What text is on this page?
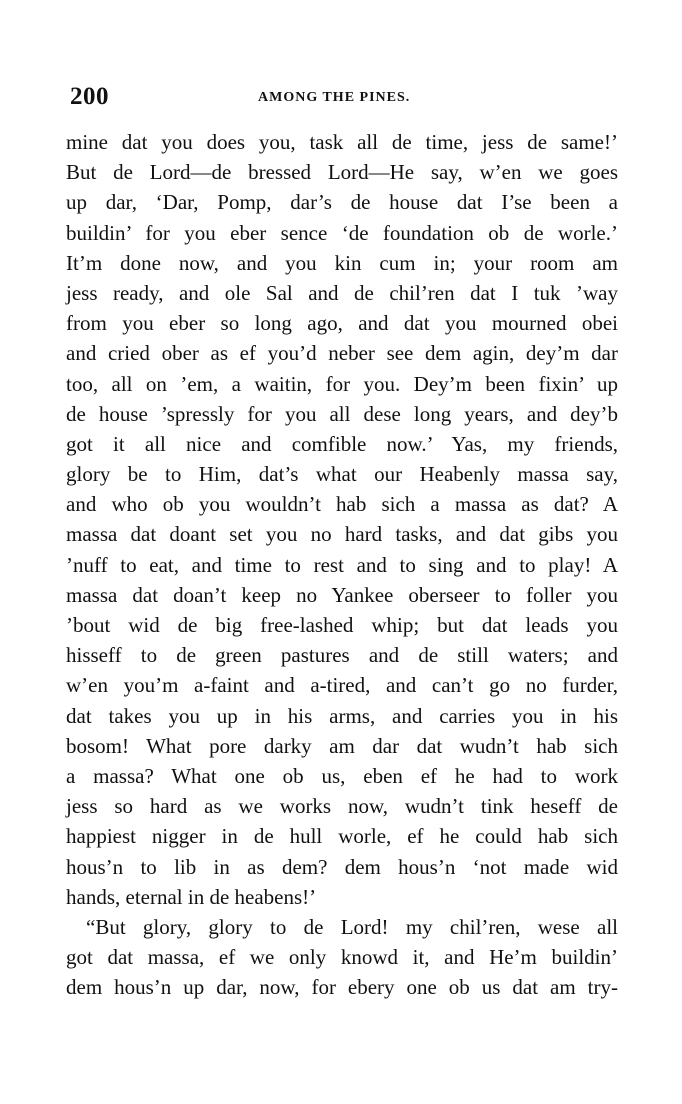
200	AMONG THE PINES.
mine dat you does you, task all de time, jess de same!’
But de Lord—de bressed Lord—He say, w’en we goes
up dar, ‘Dar, Pomp, dar’s de house dat I’se been a
buildin’ for you eber sence ‘de foundation ob de worle.’
It’m done now, and you kin cum in; your room am
jess ready, and ole Sal and de chil’ren dat I tuk ’way
from you eber so long ago, and dat you mourned obei
and cried ober as ef you’d neber see dem agin, dey’m dar
too, all on ’em, a waitin, for you. Dey’m been fixin’ up
de house ’spressly for you all dese long years, and dey’b
got it all nice and comfible now.’ Yas, my friends,
glory be to Him, dat’s what our Heabenly massa say,
and who ob you wouldn’t hab sich a massa as dat? A
massa dat doant set you no hard tasks, and dat gibs you
’nuff to eat, and time to rest and to sing and to play! A
massa dat doan’t keep no Yankee oberseer to foller you
’bout wid de big free-lashed whip; but dat leads you
hisseff to de green pastures and de still waters; and
w’en you’m a-faint and a-tired, and can’t go no furder,
dat takes you up in his arms, and carries you in his
bosom! What pore darky am dar dat wudn’t hab sich
a massa? What one ob us, eben ef he had to work
jess so hard as we works now, wudn’t tink heseff de
happiest nigger in de hull worle, ef he could hab sich
hous’n to lib in as dem? dem hous’n ‘not made wid
hands, eternal in de heabens!’
“But glory, glory to de Lord! my chil’ren, wese all
got dat massa, ef we only knowd it, and He’m buildin’
dem hous’n up dar, now, for ebery one ob us dat am try-
